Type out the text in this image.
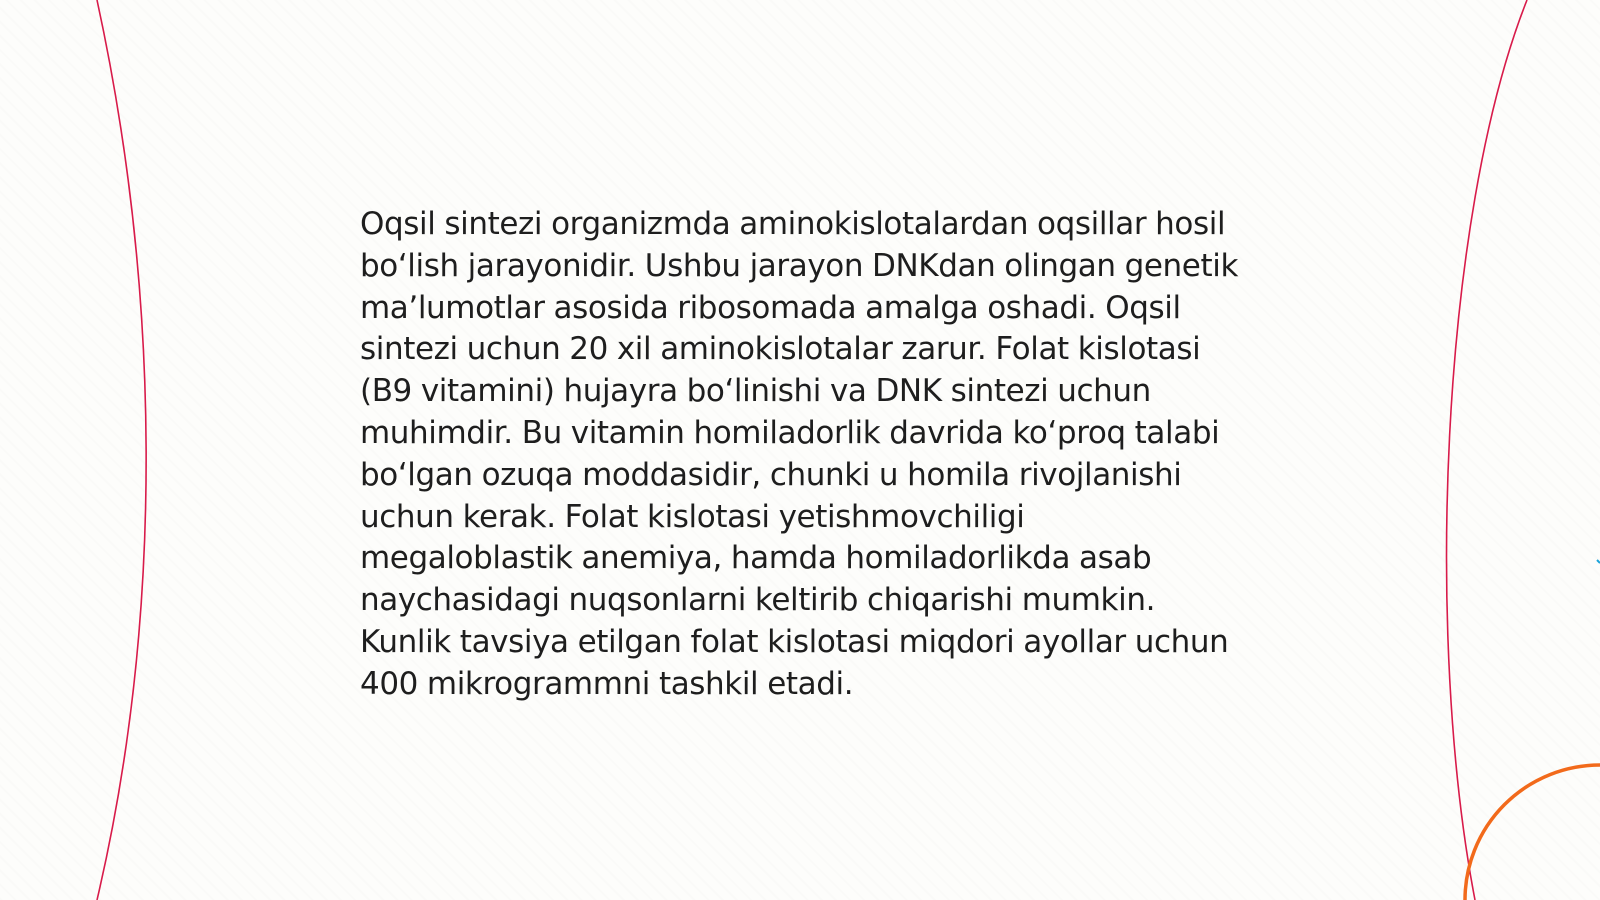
Oqsil sintezi organizmda aminokislotalardan oqsillar hosil boʻlish jarayonidir. Ushbu jarayon DNKdan olingan genetik maʼlumotlar asosida ribosomada amalga oshadi. Oqsil sintezi uchun 20 xil aminokislotalar zarur. Folat kislotasi (B9 vitamini) hujayra boʻlinishi va DNK sintezi uchun muhimdir. Bu vitamin homiladorlik davrida koʻproq talabi boʻlgan ozuqa moddasidir, chunki u homila rivojlanishi uchun kerak. Folat kislotasi yetishmovchiligi megaloblastik anemiya, hamda homiladorlikda asab naychasidagi nuqsonlarni keltirib chiqarishi mumkin. Kunlik tavsiya etilgan folat kislotasi miqdori ayollar uchun 400 mikrogrammni tashkil etadi.
